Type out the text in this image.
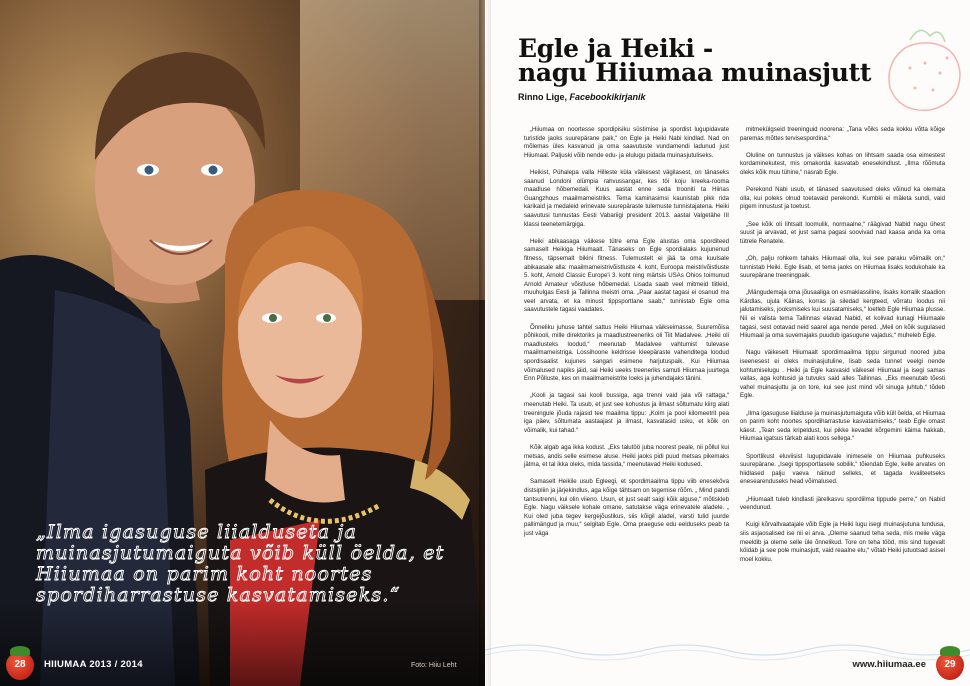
„Ilma igasuguse liialduseta ja muinasjutumaiguta võib küll öelda, et Hiiumaa on parim koht noortes spordiharrastuse kasvatamiseks.“

Foto: Hiiu Leht
28	HIIUMAA 2013 / 2014
Egle ja Heiki -
nagu Hiiumaa muinasjutt
Rinno Lige, Facebookikirjanik

„Hiiumaa on noortesse spordipisiku süstimise ja spordist lugupidavate turistide jaoks suurepärane paik,“ on Egle ja Heiki Nabi kindlad. Nad on mõlemas üles kasvanud ja oma saavutuste vundamendi ladunud just Hiiumaal. Paljuski võib nende edu- ja elulugu pidada muinasjutuliseks.

Heikist, Pühalepa valla Hilleste küla väikesest vägilasest, on tänaseks saanud Londoni olümpia rahvussangar, kes töi koju kreeka-rooma maadluse hõbemedali. Kuus aastat enne seda trooniti ta Hiinas Guangzhous maailmameistriks. Tema kaminasimsi kaunistab pikk rida karikaid ja medaleid erinevate suurepäraste tulemuste tunnistajatena. Heiki saavutusi tunnustas Eesti Vabariigi president 2013. aastal Valgetähe III klassi teenetemärgiga.

Heiki abikaasaga väikese tütre ema Egle alustas oma sporditeed samaselt Heikiga Hiiumaalt. Tänaseks on Egle spordialaks kujunenud fitness, täpsemalt bikini fitness. Tulemustelt ei jää ta oma kuulsale abikaasale alla: maailmameistrivõistluste 4. koht, Euroopa meistrivõistluste 5. koht, Arnold Classic Europe'i 3. koht ning märtsis USAs Ohios toimunud Arnold Amateur võistluse hõbemedal. Lisada saab veel mitmeid tiitleid, muuhulgas Eesti ja Tallinna meistri oma. „Paar aastat tagasi ei osanud ma veel arvata, et ka minust tippsportlane saab,“ tunnistab Egle oma saavutustele tagasi vaadates.

Õnneliku juhuse tahtel sattus Heiki Hiiumaa väikseimasse, Suuremõisa põhikooli, mille direktoriks ja maadlustreeneriks oli Tiit Madalvee. „Heiki oli maadlusteks loodud,“ meenutab Madalvee vahtumist tulevase maailmameistriga. Lossihoone keldrisse kleepäraste vahenditega loodud spordisaalist kujunes sangari esimene harjutuspaik. Kui Hiiumaa võimalused napiks jäid, sai Heiki ueeks treeneriks samuti Hiiumaa juurtega Enn Põlluste, kes on maailmameistrite loeks ja juhendajaks tänini.

„Kooli ja tagasi sai kooli bussiga, aga trenni vaid jala või rattaga,“ meenutab Heiki. Ta usub, et just see kohustus ja ilmast sõltumatu kiirg alati treeningule jõuda rajasid tee maailma tippu: „Kolm ja pool kilomeetrit pea iga päev, sõltumata aastaajast ja ilmast, kasvatasid usku, et kõik on võimalik, kui tahad.“

Kõik algab aga ikka kodust. „Eks talutöö juba noorest peale, nii põllul kui metsas, andis selle esimese aluse. Heiki jaoks pidi puud metsas pikemaks jätma, et tal ikka oleks, mida tassida,“ meenutavad Heiki kodused.

Samaselt Heikile usub Egleegi, et spordimaailma tippu viib eneseköva distsipliin ja järjekindlus, aga kõige tähtsam on tegemise rõõm. „ Mind pandi tantsutrenni, kui olin viieno. Usun, et just sealt saigi kõik alguse,“ mõtiskleb Egle. Nagu väiksele kohale omane, satutakse väga erinevatele aladele. „ Kui oled juba tegev kergejõustikus, siis kõigil aladel, varsti tulid juurde pallimängud ja muu,“ selgitab Egle. Oma praeguse edu eelduseks peab ta just väga

mitmekülgseid treeninguid noorena: „Tana võiks seda kokku võtta kõige paremas mõttes tervisespordina.“

Oluline on tunnustus ja väikses kohas on lihtsam saada osa eimestest kordaminekutest, mis omakorda kasvatab enesekindlust. „Ilma rõõmuta oleks kõik muu tühine,“ nasrab Egle.

Perekond Nabi usub, et tänased saavutused oleks võinud ka olemata olla, kui poleks olnud toetavaid perekondi. Kumbki ei mäleta sundi, vaid pigem innustust ja toetust.

„See kõik oli lihtsalt loomulik, normaalne,“ räägivad Nabid nagu ühest suust ja arvavad, et just sama pagasi soovivad nad kaasa anda ka oma tütrele Renatele.

„Oh, palju rohkem tahaks Hiiumaal olla, kui see paraku võimalik on,“ tunnistab Heiki. Egle lisab, et tema jaoks on Hiiumaa lisaks kodukohale ka suurepärane treeningpaik.

„Mängudemaja oma jõusaaliga on esmaklassiline, lisaks korralik staadion Kärdlas, ujula Käinas, korras ja siledad kergteed, võrratu loodus nii jalutamiseks, jooksmiseks kui suusatamiseks,“ loetleb Egle Hiiumaa plusse. Nii ei valista tema Tallinnas elavad Nabid, et kolivad kunagi Hiiumaale tagasi, sest ootavad neid saarel aga nende pered. „Meil on kõik sugulased Hiiumaal ja oma suvemajaks puudub igasugune vajadus,“ muheleb Egle.

Nagu väikeselt Hiiumaalt spordimaailma tippu sirgunud noored juba iseenesest ei oleks muinasjutuline, lisab seda tunnet veelgi nende kohtumiselugu . Heiki ja Egle kasvasid väikesel Hiiumaal ja isegi samas vallas, aga kohtusid ja tutvuks said alles Tallinnas. „Eks meenutab tõesti vahel muinasjuttu ja on tore, kui see just mind või sinuga juhtub,“ tõdeb Egle.

„Ilma igasuguse liialduse ja muinasjutumaiguta võib küll öelda, et Hiiumaa on parim koht noortes spordiharrastuse kasvatamiseks,“ teab Egle omast käest. „Tean seda kripeldust, kui pikke kevadel kõrgemini käima hakkab, Hiiumaa igatsus tärkab alati koos sellega.“

Sportlikust eluviisist lugupidavale inimesele on Hiiumaa puhkuseks suurepärane. „Isegi tippsportlasele sobilik,“ tõiendab Egle, kelle arvates on hiidlased palju vaeva näinud selleks, et tagada kvaliteetseks enesearenduseks head võimalused.

„Hiiumaalt tuleb kindlasti järelkasvu spordiilma tippude perre,“ on Nabid veendunud.

Kuigi kõrvaltvaatajale võib Egle ja Heiki lugu isegi muinasjutuna tundusa, siis asjaosalised ise nii ei arva. „Oleme saanud teha seda, mis meile väga meeldib ja oleme selle üle õnnelikud. Tore on teha tööd, mis sind tugevalt köidab ja see pole muinasjutt, vaid reaalne elu,“ võtab Heiki jutuotsad asisel moel kokku.

www.hiiumaa.ee	29
